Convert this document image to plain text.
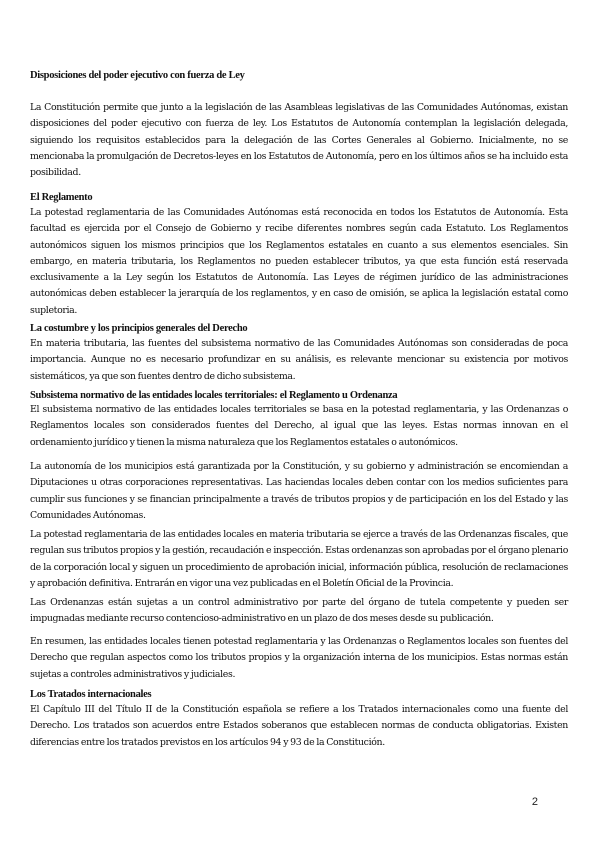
Disposiciones del poder ejecutivo con fuerza de Ley

La Constitución permite que junto a la legislación de las Asambleas legislativas de las Comunidades Autónomas, existan disposiciones del poder ejecutivo con fuerza de ley. Los Estatutos de Autonomía contemplan la legislación delegada, siguiendo los requisitos establecidos para la delegación de las Cortes Generales al Gobierno. Inicialmente, no se mencionaba la promulgación de Decretos-leyes en los Estatutos de Autonomía, pero en los últimos años se ha incluido esta posibilidad.

El Reglamento

La potestad reglamentaria de las Comunidades Autónomas está reconocida en todos los Estatutos de Autonomía. Esta facultad es ejercida por el Consejo de Gobierno y recibe diferentes nombres según cada Estatuto. Los Reglamentos autonómicos siguen los mismos principios que los Reglamentos estatales en cuanto a sus elementos esenciales. Sin embargo, en materia tributaria, los Reglamentos no pueden establecer tributos, ya que esta función está reservada exclusivamente a la Ley según los Estatutos de Autonomía. Las Leyes de régimen jurídico de las administraciones autonómicas deben establecer la jerarquía de los reglamentos, y en caso de omisión, se aplica la legislación estatal como supletoria.

La costumbre y los principios generales del Derecho

En materia tributaria, las fuentes del subsistema normativo de las Comunidades Autónomas son consideradas de poca importancia. Aunque no es necesario profundizar en su análisis, es relevante mencionar su existencia por motivos sistemáticos, ya que son fuentes dentro de dicho subsistema.

Subsistema normativo de las entidades locales territoriales: el Reglamento u Ordenanza

El subsistema normativo de las entidades locales territoriales se basa en la potestad reglamentaria, y las Ordenanzas o Reglamentos locales son considerados fuentes del Derecho, al igual que las leyes. Estas normas innovan en el ordenamiento jurídico y tienen la misma naturaleza que los Reglamentos estatales o autonómicos.

La autonomía de los municipios está garantizada por la Constitución, y su gobierno y administración se encomiendan a Diputaciones u otras corporaciones representativas. Las haciendas locales deben contar con los medios suficientes para cumplir sus funciones y se financian principalmente a través de tributos propios y de participación en los del Estado y las Comunidades Autónomas.

La potestad reglamentaria de las entidades locales en materia tributaria se ejerce a través de las Ordenanzas fiscales, que regulan sus tributos propios y la gestión, recaudación e inspección. Estas ordenanzas son aprobadas por el órgano plenario de la corporación local y siguen un procedimiento de aprobación inicial, información pública, resolución de reclamaciones y aprobación definitiva. Entrarán en vigor una vez publicadas en el Boletín Oficial de la Provincia.

Las Ordenanzas están sujetas a un control administrativo por parte del órgano de tutela competente y pueden ser impugnadas mediante recurso contencioso-administrativo en un plazo de dos meses desde su publicación.

En resumen, las entidades locales tienen potestad reglamentaria y las Ordenanzas o Reglamentos locales son fuentes del Derecho que regulan aspectos como los tributos propios y la organización interna de los municipios. Estas normas están sujetas a controles administrativos y judiciales.

Los Tratados internacionales

El Capítulo III del Título II de la Constitución española se refiere a los Tratados internacionales como una fuente del Derecho. Los tratados son acuerdos entre Estados soberanos que establecen normas de conducta obligatorias. Existen diferencias entre los tratados previstos en los artículos 94 y 93 de la Constitución.

2
